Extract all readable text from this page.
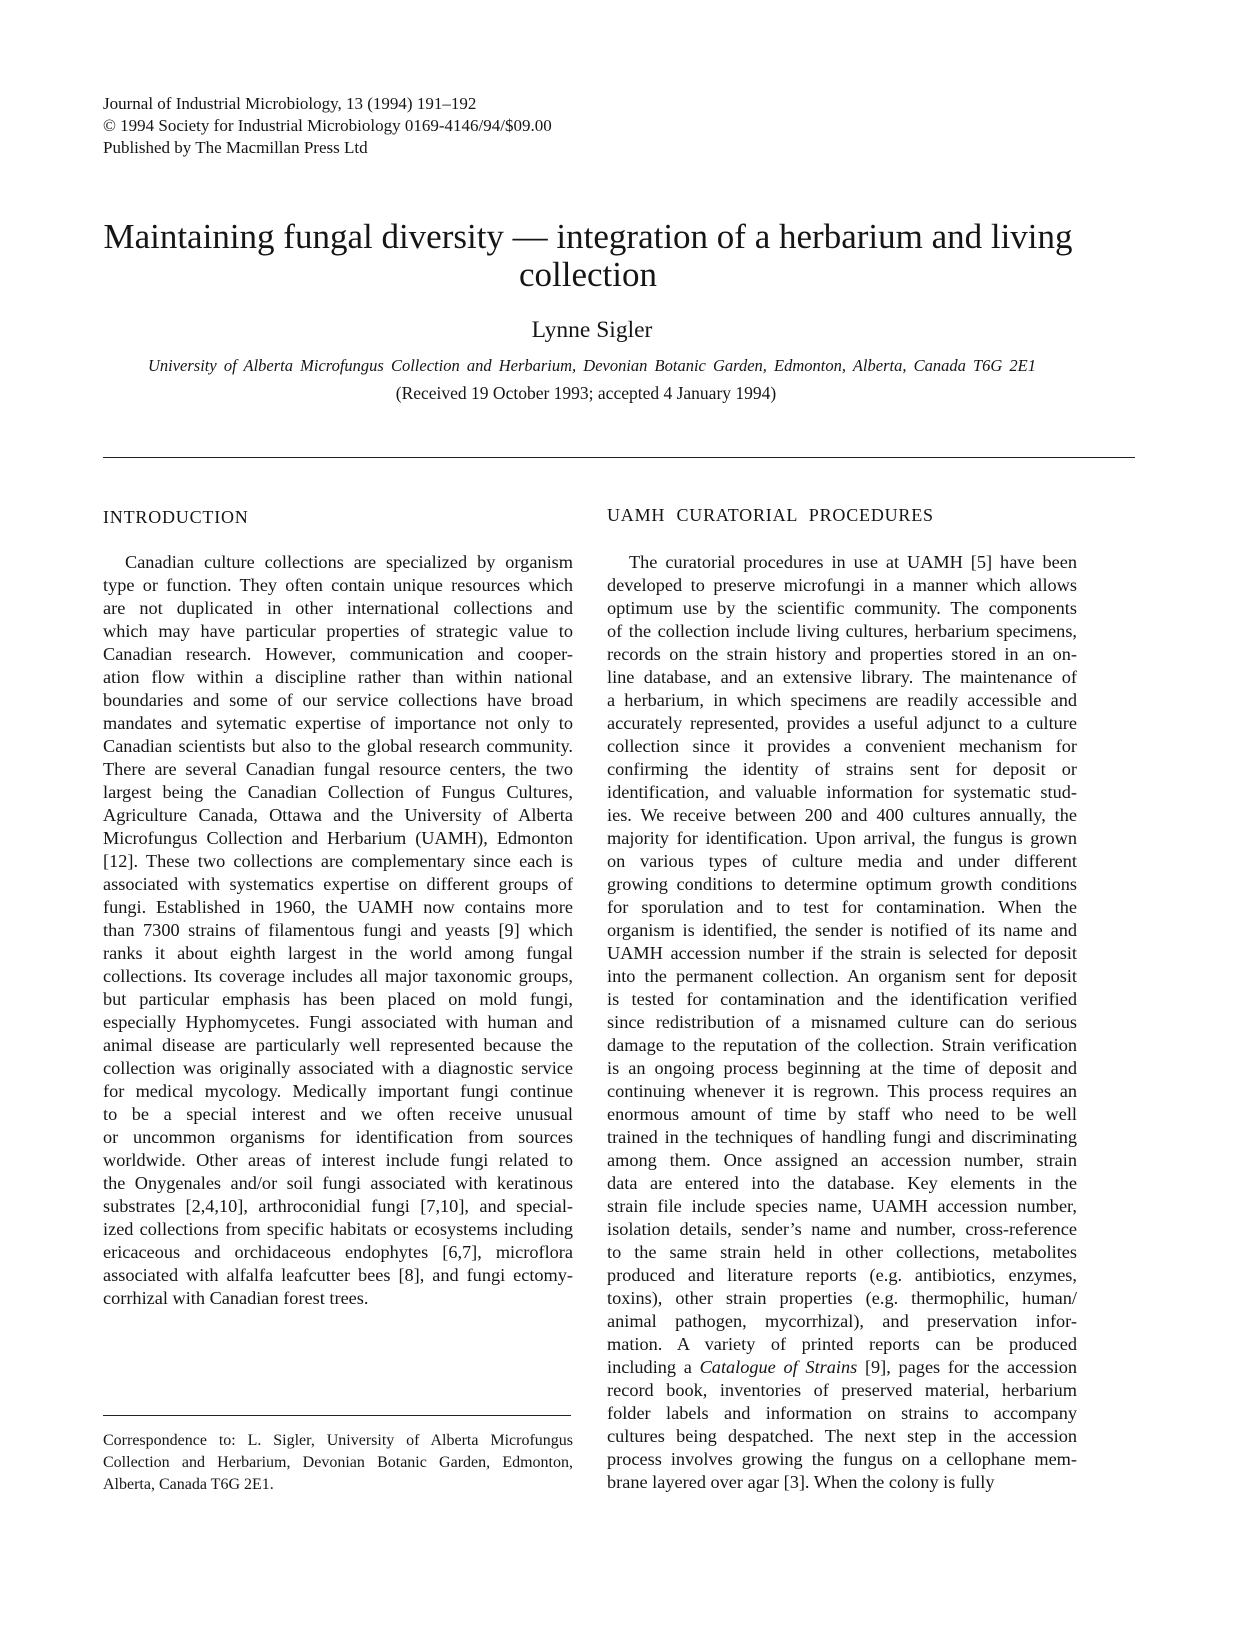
Journal of Industrial Microbiology, 13 (1994) 191–192
© 1994 Society for Industrial Microbiology 0169-4146/94/$09.00
Published by The Macmillan Press Ltd
Maintaining fungal diversity — integration of a herbarium and living collection
Lynne Sigler
University of Alberta Microfungus Collection and Herbarium, Devonian Botanic Garden, Edmonton, Alberta, Canada T6G 2E1
(Received 19 October 1993; accepted 4 January 1994)
INTRODUCTION
Canadian culture collections are specialized by organism
type or function. They often contain unique resources which
are not duplicated in other international collections and
which may have particular properties of strategic value to
Canadian research. However, communication and cooper-
ation flow within a discipline rather than within national
boundaries and some of our service collections have broad
mandates and sytematic expertise of importance not only to
Canadian scientists but also to the global research community.
There are several Canadian fungal resource centers, the two
largest being the Canadian Collection of Fungus Cultures,
Agriculture Canada, Ottawa and the University of Alberta
Microfungus Collection and Herbarium (UAMH), Edmonton
[12]. These two collections are complementary since each is
associated with systematics expertise on different groups of
fungi. Established in 1960, the UAMH now contains more
than 7300 strains of filamentous fungi and yeasts [9] which
ranks it about eighth largest in the world among fungal
collections. Its coverage includes all major taxonomic groups,
but particular emphasis has been placed on mold fungi,
especially Hyphomycetes. Fungi associated with human and
animal disease are particularly well represented because the
collection was originally associated with a diagnostic service
for medical mycology. Medically important fungi continue
to be a special interest and we often receive unusual
or uncommon organisms for identification from sources
worldwide. Other areas of interest include fungi related to
the Onygenales and/or soil fungi associated with keratinous
substrates [2,4,10], arthroconidial fungi [7,10], and special-
ized collections from specific habitats or ecosystems including
ericaceous and orchidaceous endophytes [6,7], microflora
associated with alfalfa leafcutter bees [8], and fungi ectomy-
corrhizal with Canadian forest trees.
UAMH CURATORIAL PROCEDURES
The curatorial procedures in use at UAMH [5] have been
developed to preserve microfungi in a manner which allows
optimum use by the scientific community. The components
of the collection include living cultures, herbarium specimens,
records on the strain history and properties stored in an on-
line database, and an extensive library. The maintenance of
a herbarium, in which specimens are readily accessible and
accurately represented, provides a useful adjunct to a culture
collection since it provides a convenient mechanism for
confirming the identity of strains sent for deposit or
identification, and valuable information for systematic stud-
ies. We receive between 200 and 400 cultures annually, the
majority for identification. Upon arrival, the fungus is grown
on various types of culture media and under different
growing conditions to determine optimum growth conditions
for sporulation and to test for contamination. When the
organism is identified, the sender is notified of its name and
UAMH accession number if the strain is selected for deposit
into the permanent collection. An organism sent for deposit
is tested for contamination and the identification verified
since redistribution of a misnamed culture can do serious
damage to the reputation of the collection. Strain verification
is an ongoing process beginning at the time of deposit and
continuing whenever it is regrown. This process requires an
enormous amount of time by staff who need to be well
trained in the techniques of handling fungi and discriminating
among them. Once assigned an accession number, strain
data are entered into the database. Key elements in the
strain file include species name, UAMH accession number,
isolation details, sender’s name and number, cross-reference
to the same strain held in other collections, metabolites
produced and literature reports (e.g. antibiotics, enzymes,
toxins), other strain properties (e.g. thermophilic, human/
animal pathogen, mycorrhizal), and preservation infor-
mation. A variety of printed reports can be produced
including a Catalogue of Strains [9], pages for the accession
record book, inventories of preserved material, herbarium
folder labels and information on strains to accompany
cultures being despatched. The next step in the accession
process involves growing the fungus on a cellophane mem-
brane layered over agar [3]. When the colony is fully
Correspondence to: L. Sigler, University of Alberta Microfungus
Collection and Herbarium, Devonian Botanic Garden, Edmonton,
Alberta, Canada T6G 2E1.
